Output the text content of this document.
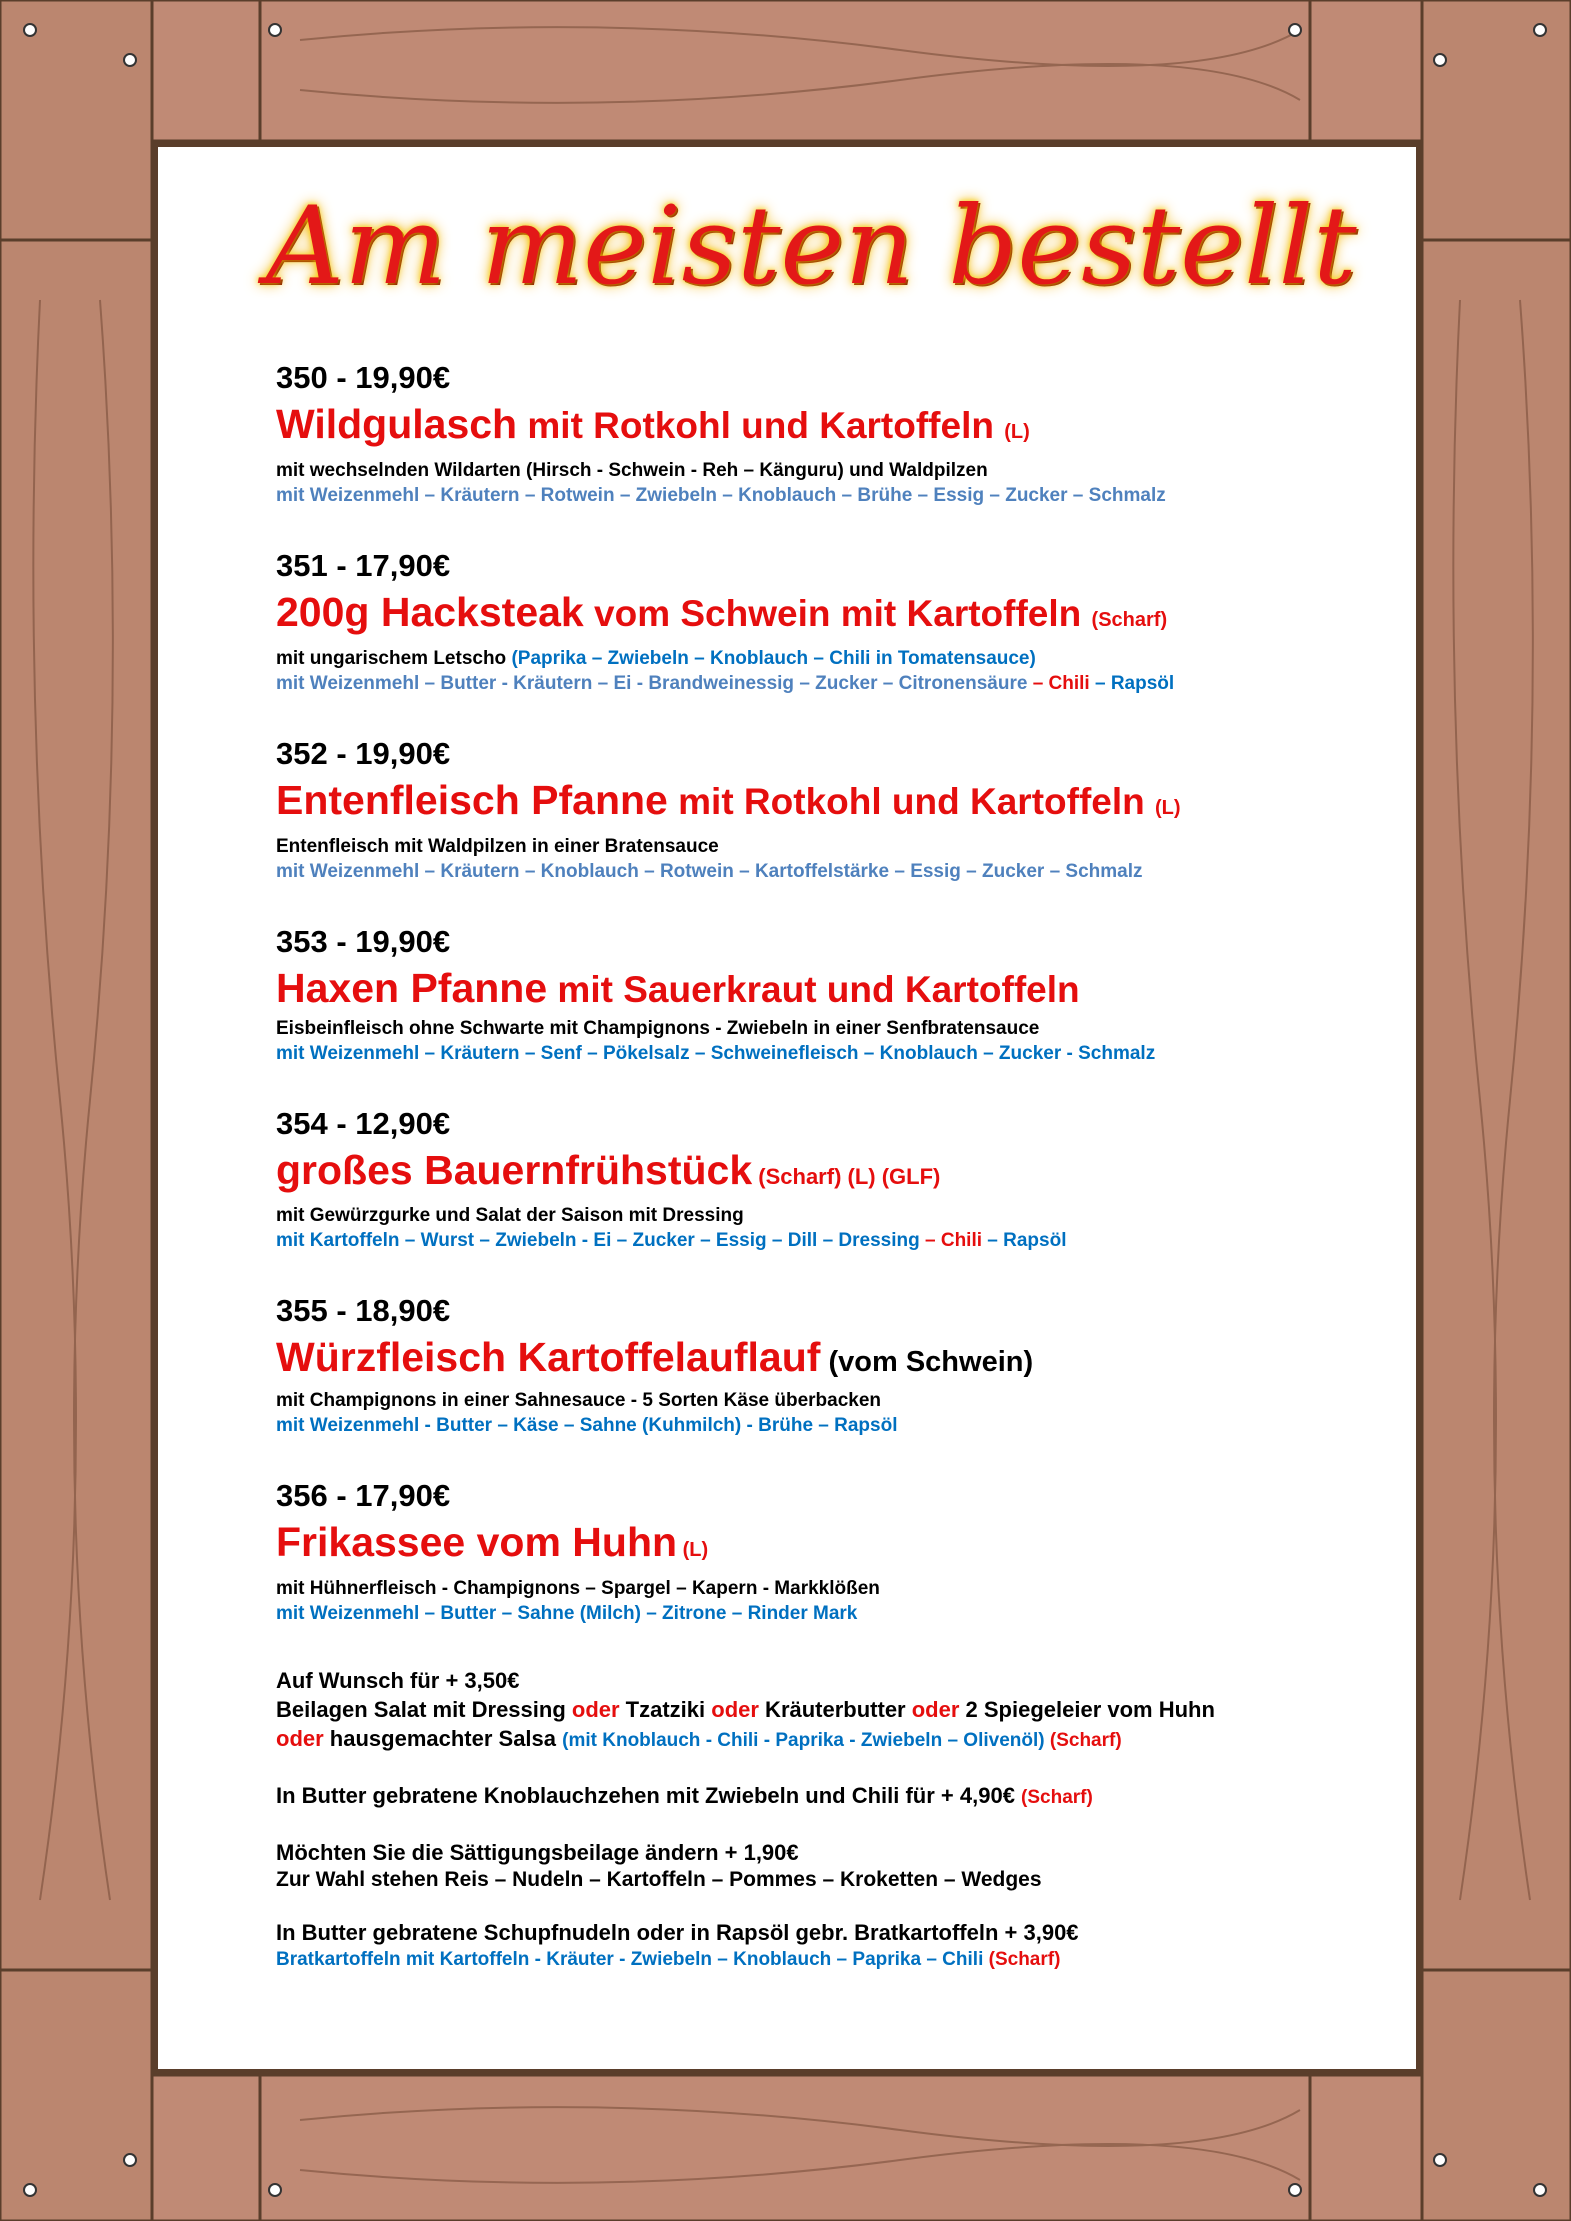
Am meisten bestellt
350 - 19,90€
Wildgulasch mit Rotkohl und Kartoffeln (L)
mit wechselnden Wildarten (Hirsch - Schwein - Reh – Känguru) und Waldpilzen
mit Weizenmehl – Kräutern – Rotwein – Zwiebeln – Knoblauch – Brühe – Essig – Zucker – Schmalz
351 - 17,90€
200g Hacksteak vom Schwein mit Kartoffeln (Scharf)
mit ungarischem Letscho (Paprika – Zwiebeln – Knoblauch – Chili in Tomatensauce)
mit Weizenmehl – Butter - Kräutern – Ei - Brandweinessig – Zucker – Citronensäure – Chili – Rapsöl
352 - 19,90€
Entenfleisch Pfanne mit Rotkohl und Kartoffeln (L)
Entenfleisch mit Waldpilzen in einer Bratensauce
mit Weizenmehl – Kräutern – Knoblauch – Rotwein – Kartoffelstärke – Essig – Zucker – Schmalz
353 - 19,90€
Haxen Pfanne mit Sauerkraut und Kartoffeln
Eisbeinfleisch ohne Schwarte mit Champignons - Zwiebeln in einer Senfbratensauce
mit Weizenmehl – Kräutern – Senf – Pökelsalz – Schweinefleisch – Knoblauch – Zucker - Schmalz
354 - 12,90€
großes Bauernfrühstück (Scharf) (L) (GLF)
mit Gewürzgurke und Salat der Saison mit Dressing
mit Kartoffeln – Wurst – Zwiebeln - Ei – Zucker – Essig – Dill – Dressing – Chili – Rapsöl
355 - 18,90€
Würzfleisch Kartoffelauflauf (vom Schwein)
mit Champignons in einer Sahnesauce - 5 Sorten Käse überbacken
mit Weizenmehl - Butter – Käse – Sahne (Kuhmilch) - Brühe – Rapsöl
356 - 17,90€
Frikassee vom Huhn (L)
mit Hühnerfleisch - Champignons – Spargel – Kapern - Markklößen
mit Weizenmehl – Butter – Sahne (Milch) – Zitrone – Rinder Mark
Auf Wunsch für + 3,50€
Beilagen Salat mit Dressing oder Tzatziki oder Kräuterbutter oder 2 Spiegeleier vom Huhn
oder hausgemachter Salsa (mit Knoblauch - Chili - Paprika - Zwiebeln – Olivenöl) (Scharf)
In Butter gebratene Knoblauchzehen mit Zwiebeln und Chili für + 4,90€ (Scharf)
Möchten Sie die Sättigungsbeilage ändern + 1,90€
Zur Wahl stehen Reis – Nudeln – Kartoffeln – Pommes – Kroketten – Wedges
In Butter gebratene Schupfnudeln oder in Rapsöl gebr. Bratkartoffeln + 3,90€
Bratkartoffeln mit Kartoffeln - Kräuter - Zwiebeln – Knoblauch – Paprika – Chili (Scharf)
